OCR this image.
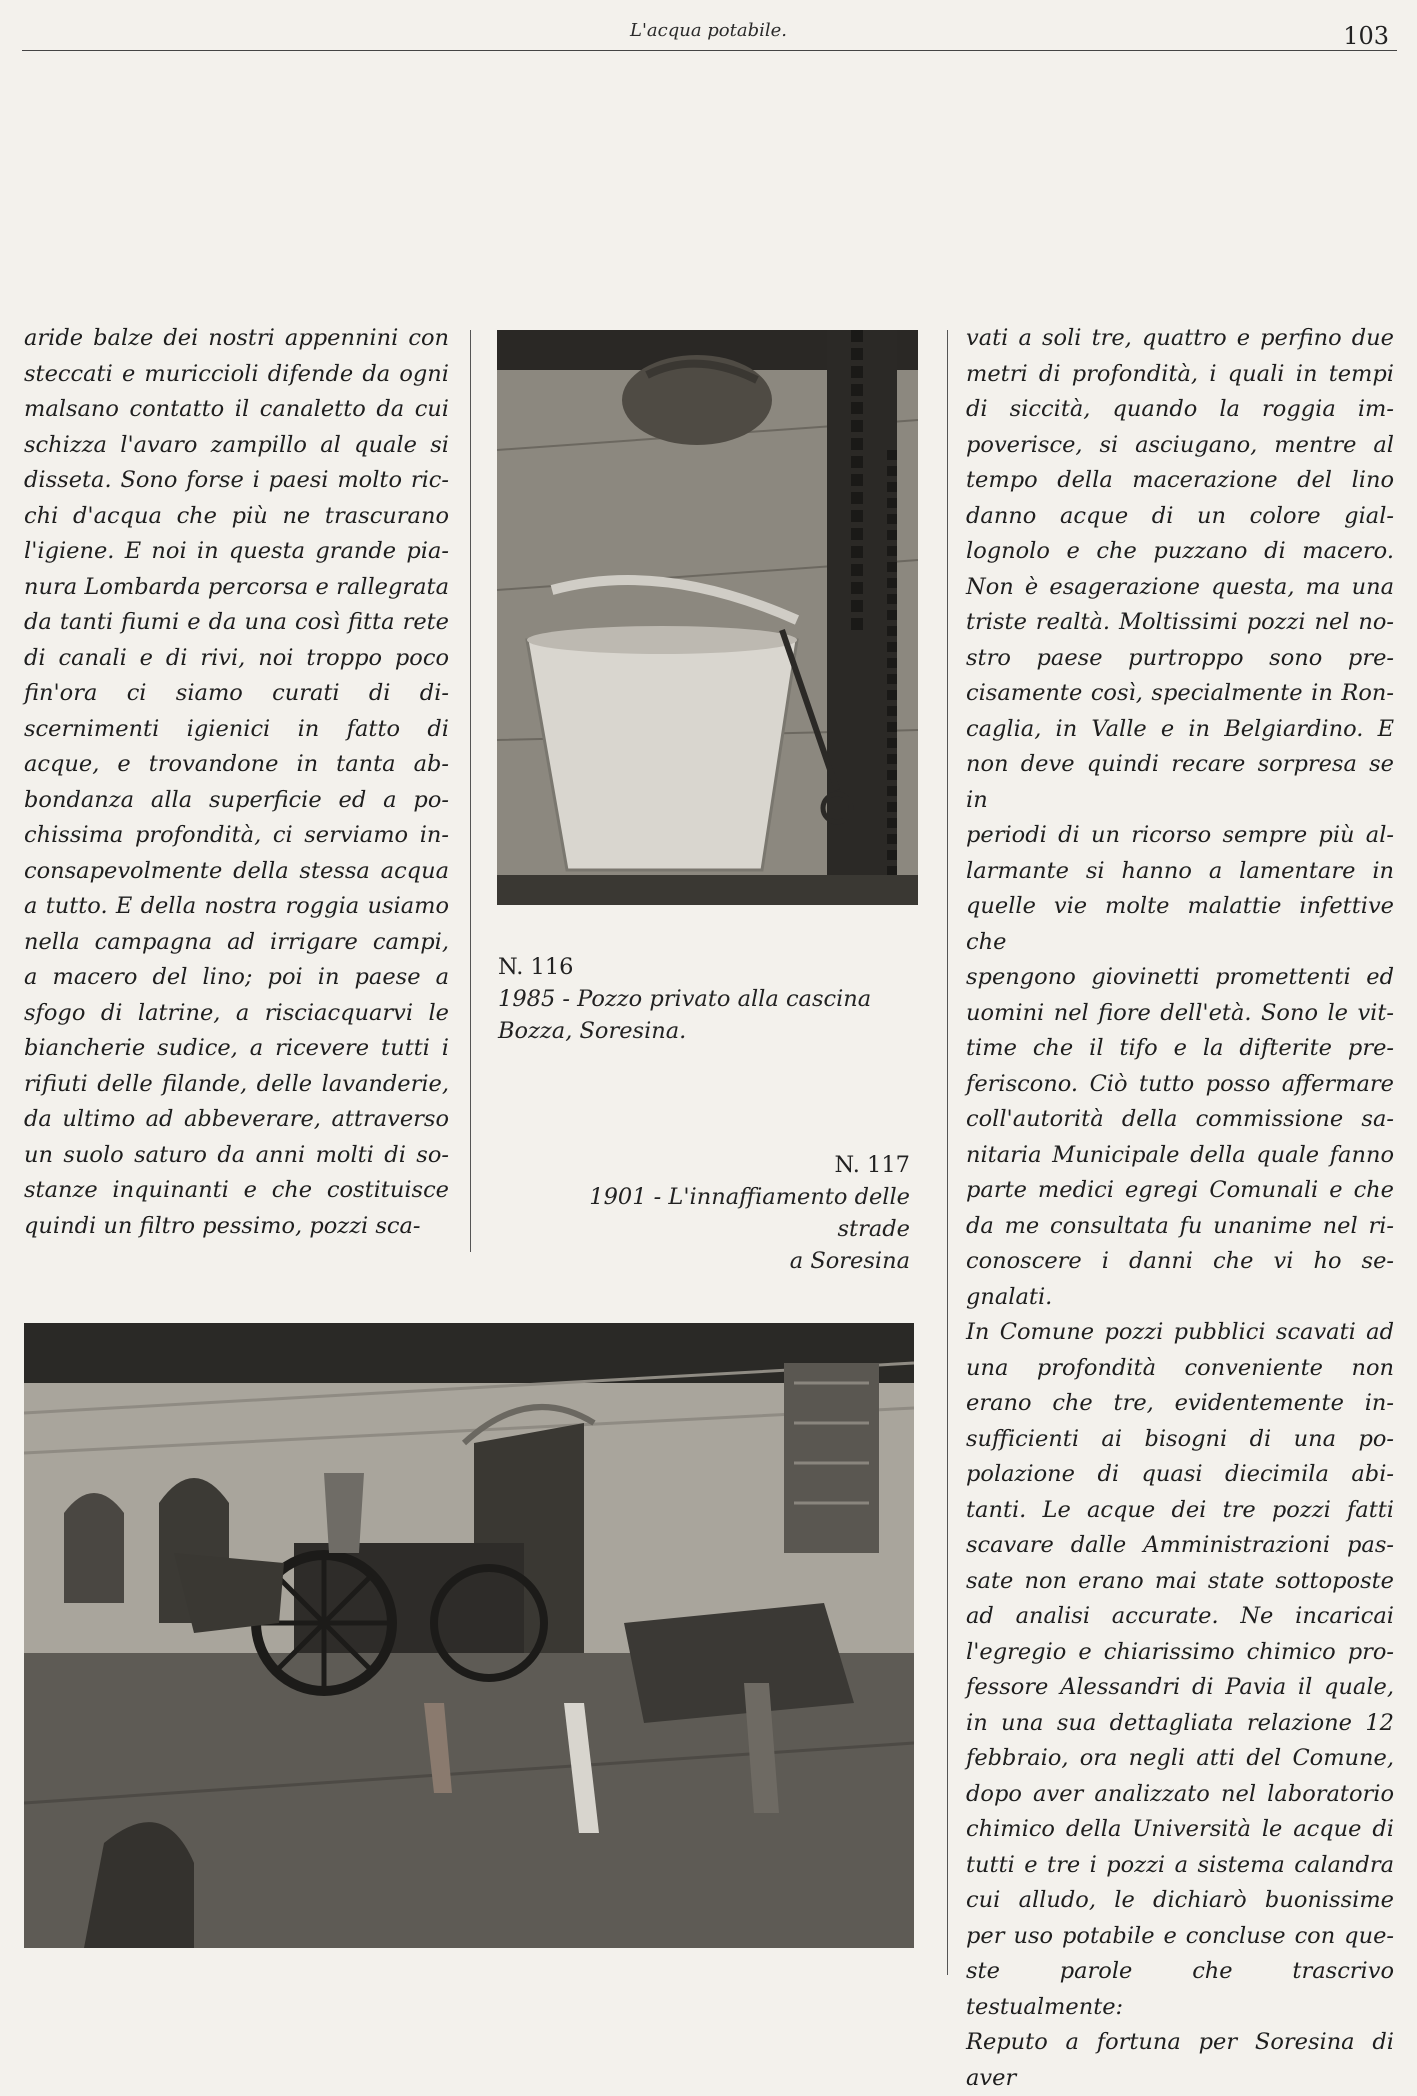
L'acqua potabile.	103

aride balze dei nostri appennini con

steccati e muriccioli difende da ogni

malsano contatto il canaletto da cui

schizza l'avaro zampillo al quale si

disseta. Sono forse i paesi molto ric-

chi d'acqua che più ne trascurano

l'igiene. E noi in questa grande pia-

nura Lombarda percorsa e rallegrata

da tanti fiumi e da una così fitta rete

di canali e di rivi, noi troppo poco

fin'ora ci siamo curati di di-

scernimenti igienici in fatto di

acque, e trovandone in tanta ab-

bondanza alla superficie ed a po-

chissima profondità, ci serviamo in-

consapevolmente della stessa acqua

a tutto. E della nostra roggia usiamo

nella campagna ad irrigare campi,

a macero del lino; poi in paese a

sfogo di latrine, a risciacquarvi le

biancherie sudice, a ricevere tutti i

rifiuti delle filande, delle lavanderie,

da ultimo ad abbeverare, attraverso

un suolo saturo da anni molti di so-

stanze inquinanti e che costituisce

quindi un filtro pessimo, pozzi sca-

N. 116
1985 - Pozzo privato alla cascina
Bozza, Soresina.
N. 117
1901 - L'innaffiamento delle strade
a Soresina

vati a soli tre, quattro e perfino due

metri di profondità, i quali in tempi

di siccità, quando la roggia im-

poverisce, si asciugano, mentre al

tempo della macerazione del lino

danno acque di un colore gial-

lognolo e che puzzano di macero.

Non è esagerazione questa, ma una

triste realtà. Moltissimi pozzi nel no-

stro paese purtroppo sono pre-

cisamente così, specialmente in Ron-

caglia, in Valle e in Belgiardino. E

non deve quindi recare sorpresa se in

periodi di un ricorso sempre più al-

larmante si hanno a lamentare in

quelle vie molte malattie infettive che

spengono giovinetti promettenti ed

uomini nel fiore dell'età. Sono le vit-

time che il tifo e la difterite pre-

feriscono. Ciò tutto posso affermare

coll'autorità della commissione sa-

nitaria Municipale della quale fanno

parte medici egregi Comunali e che

da me consultata fu unanime nel ri-

conoscere i danni che vi ho se-

gnalati.

In Comune pozzi pubblici scavati ad

una profondità conveniente non

erano che tre, evidentemente in-

sufficienti ai bisogni di una po-

polazione di quasi diecimila abi-

tanti. Le acque dei tre pozzi fatti

scavare dalle Amministrazioni pas-

sate non erano mai state sottoposte

ad analisi accurate. Ne incaricai

l'egregio e chiarissimo chimico pro-

fessore Alessandri di Pavia il quale,

in una sua dettagliata relazione 12

febbraio, ora negli atti del Comune,

dopo aver analizzato nel laboratorio

chimico della Università le acque di

tutti e tre i pozzi a sistema calandra

cui alludo, le dichiarò buonissime

per uso potabile e concluse con que-

ste parole che trascrivo testualmente:

Reputo a fortuna per Soresina di aver
